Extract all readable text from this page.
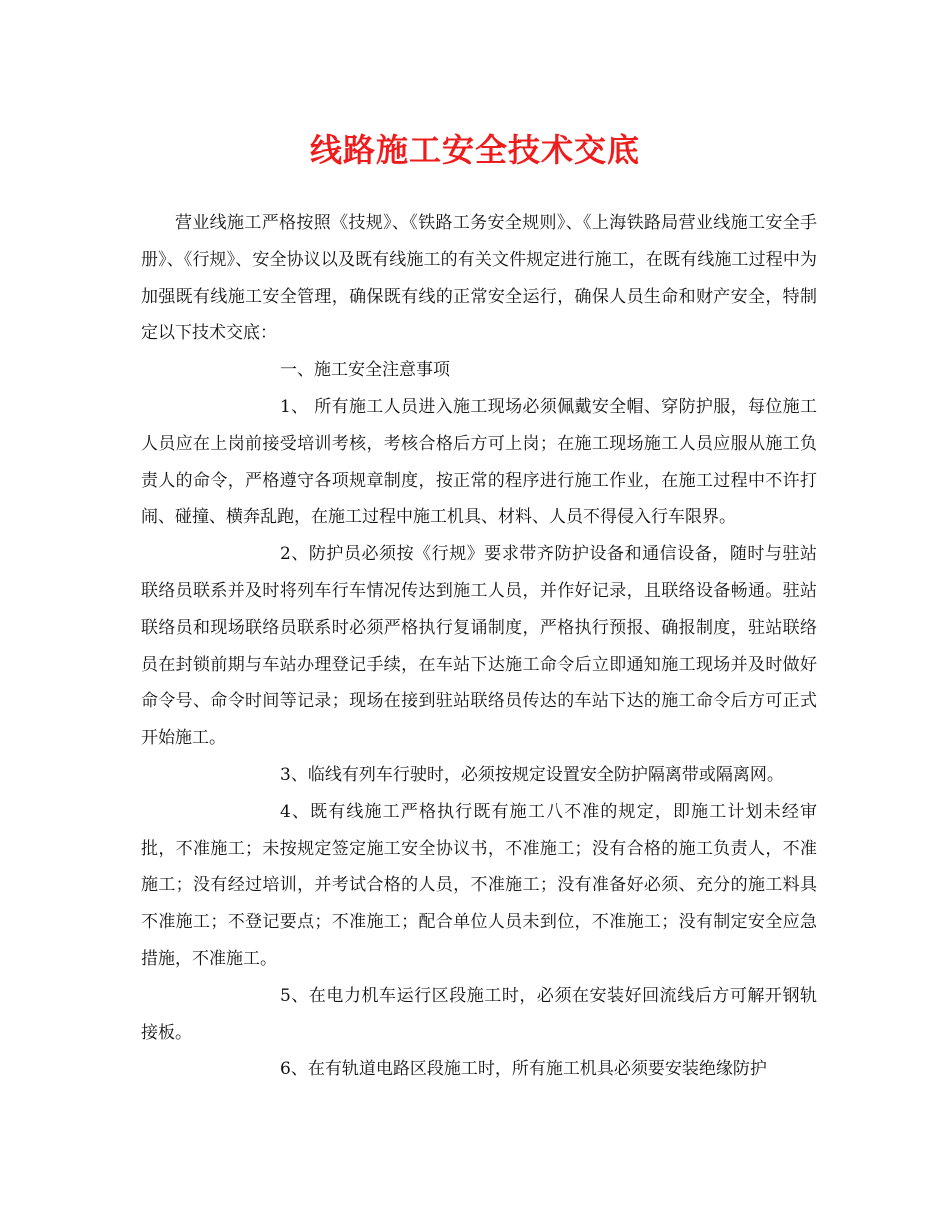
线路施工安全技术交底

营业线施工严格按照《技规》、《铁路工务安全规则》、《上海铁路局营业线施工安全手册》、《行规》、安全协议以及既有线施工的有关文件规定进行施工，在既有线施工过程中为加强既有线施工安全管理，确保既有线的正常安全运行，确保人员生命和财产安全，特制定以下技术交底：

一、施工安全注意事项

1、 所有施工人员进入施工现场必须佩戴安全帽、穿防护服，每位施工人员应在上岗前接受培训考核，考核合格后方可上岗；在施工现场施工人员应服从施工负责人的命令，严格遵守各项规章制度，按正常的程序进行施工作业，在施工过程中不许打闹、碰撞、横奔乱跑，在施工过程中施工机具、材料、人员不得侵入行车限界。

2、防护员必须按《行规》要求带齐防护设备和通信设备，随时与驻站联络员联系并及时将列车行车情况传达到施工人员，并作好记录，且联络设备畅通。驻站联络员和现场联络员联系时必须严格执行复诵制度，严格执行预报、确报制度，驻站联络员在封锁前期与车站办理登记手续，在车站下达施工命令后立即通知施工现场并及时做好命令号、命令时间等记录；现场在接到驻站联络员传达的车站下达的施工命令后方可正式开始施工。

3、临线有列车行驶时，必须按规定设置安全防护隔离带或隔离网。

4、既有线施工严格执行既有施工八不准的规定，即施工计划未经审批，不准施工；未按规定签定施工安全协议书，不准施工；没有合格的施工负责人，不准施工；没有经过培训，并考试合格的人员，不准施工；没有准备好必须、充分的施工料具不准施工；不登记要点；不准施工；配合单位人员未到位，不准施工；没有制定安全应急措施，不准施工。

5、在电力机车运行区段施工时，必须在安装好回流线后方可解开钢轨接板。

6、在有轨道电路区段施工时，所有施工机具必须要安装绝缘防护
